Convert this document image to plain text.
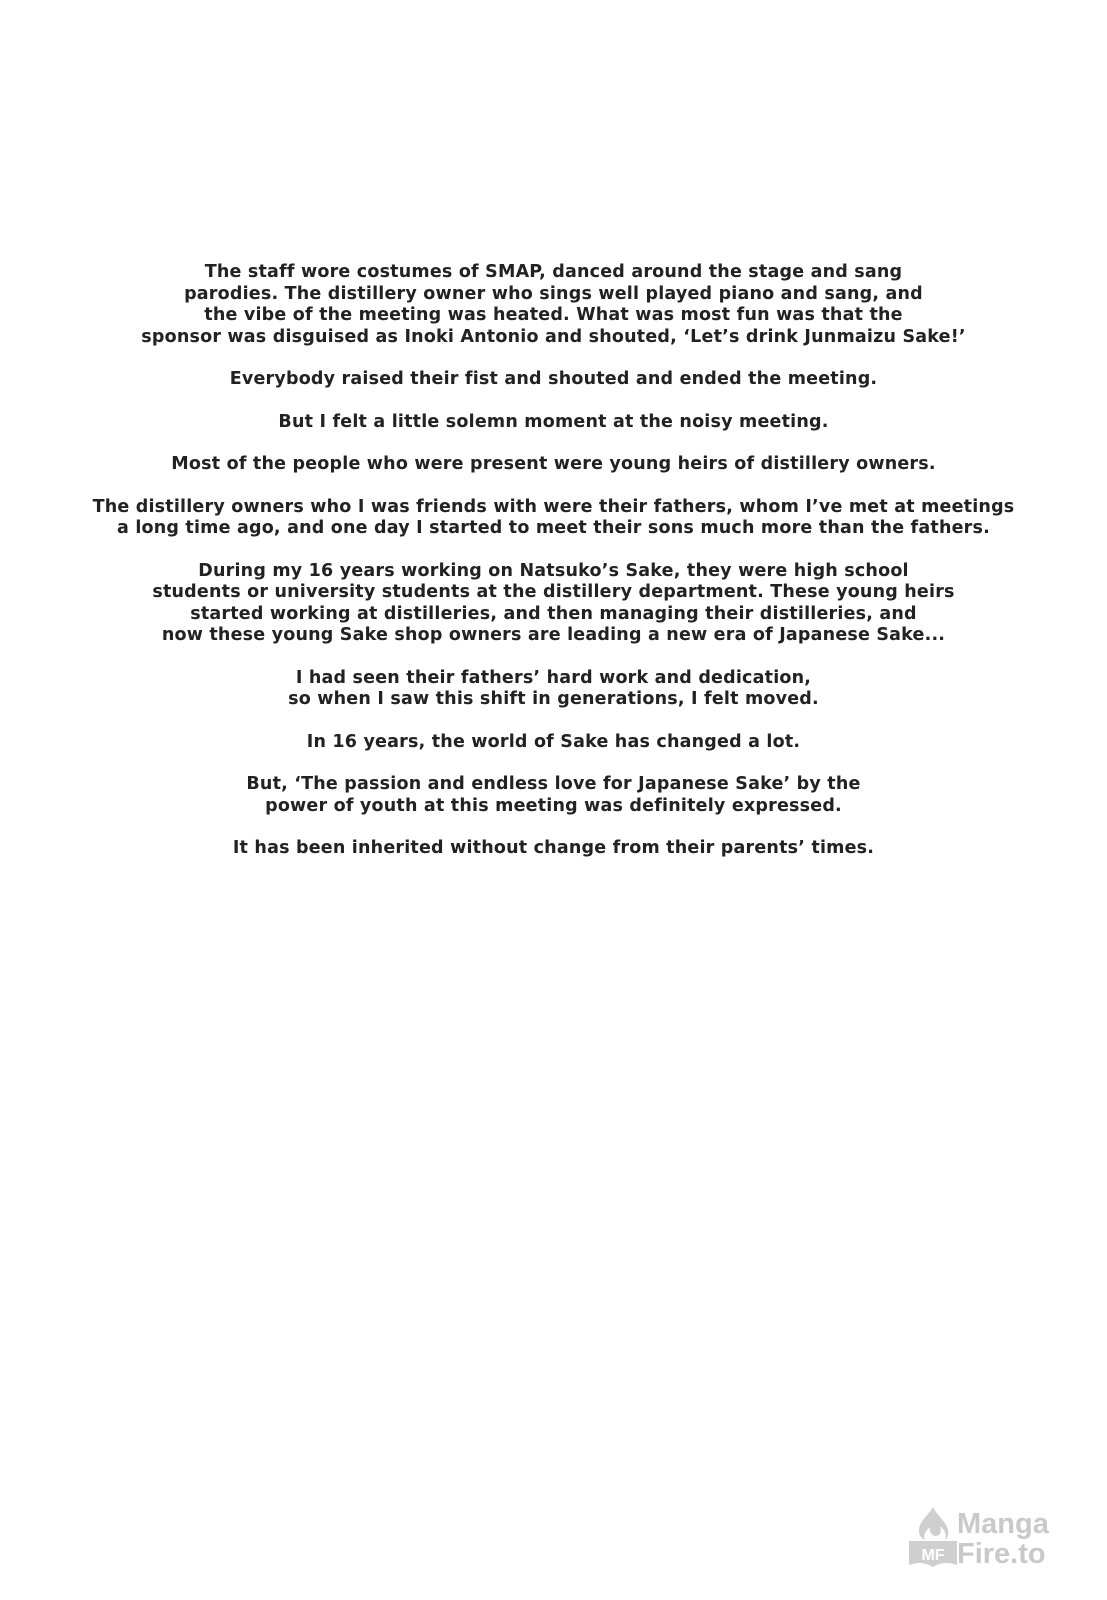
The staff wore costumes of SMAP, danced around the stage and sang
parodies. The distillery owner who sings well played piano and sang, and
the vibe of the meeting was heated. What was most fun was that the
sponsor was disguised as Inoki Antonio and shouted, ‘Let’s drink Junmaizu Sake!’

Everybody raised their fist and shouted and ended the meeting.

But I felt a little solemn moment at the noisy meeting.

Most of the people who were present were young heirs of distillery owners.

The distillery owners who I was friends with were their fathers, whom I’ve met at meetings
a long time ago, and one day I started to meet their sons much more than the fathers.

During my 16 years working on Natsuko’s Sake, they were high school
students or university students at the distillery department. These young heirs
started working at distilleries, and then managing their distilleries, and
now these young Sake shop owners are leading a new era of Japanese Sake...

I had seen their fathers’ hard work and dedication,
so when I saw this shift in generations, I felt moved.

In 16 years, the world of Sake has changed a lot.

But, ‘The passion and endless love for Japanese Sake’ by the
power of youth at this meeting was definitely expressed.

It has been inherited without change from their parents’ times.

MF
Manga
Fire.to
